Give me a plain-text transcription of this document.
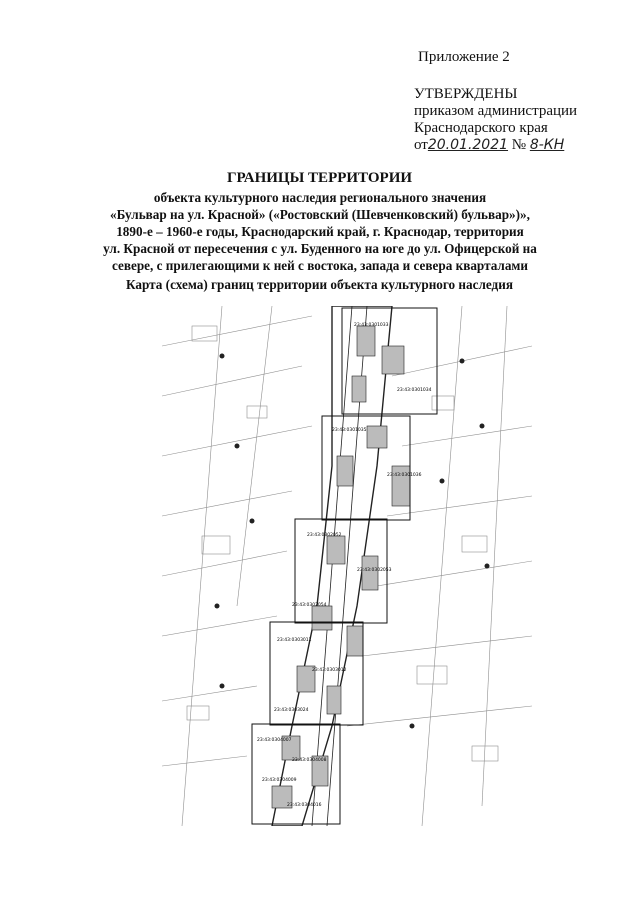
Приложение 2
УТВЕРЖДЕНЫ
приказом администрации
Краснодарского края
от20.01.2021 № 8-КН
ГРАНИЦЫ ТЕРРИТОРИИ
объекта культурного наследия регионального значения
«Бульвар на ул. Красной» («Ростовский (Шевченковский) бульвар»)»,
1890-е – 1960-е годы, Краснодарский край, г. Краснодар, территория
ул. Красной от пересечения с ул. Буденного на юге до ул. Офицерской на
севере, с прилегающими к ней с востока, запада и севера кварталами
Карта (схема) границ территории объекта культурного наследия
23:43:0301033
23:43:0301034
23:43:0301035
23:43:0301036
23:43:0302052
23:43:0302053
23:43:0302054
23:43:0303011
23:43:0303012
23:43:0303024
23:43:0304007
23:43:0304008
23:43:0304009
23:43:0304016
